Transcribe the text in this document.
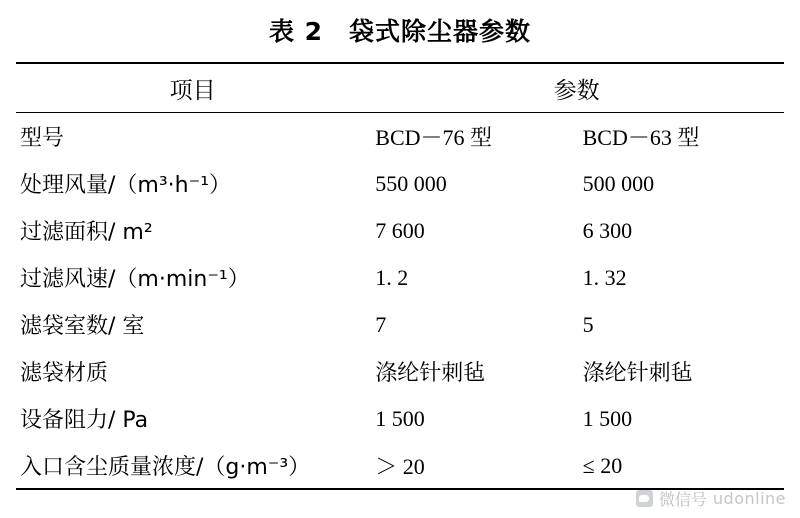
表 2　袋式除尘器参数
项目	参数	
型号	BCD－76 型	BCD－63 型
处理风量/（m³·h⁻¹）	550 000	500 000
过滤面积/ m²	7 600	6 300
过滤风速/（m·min⁻¹）	1. 2	1. 32
滤袋室数/ 室	7	5
滤袋材质	涤纶针刺毡	涤纶针刺毡
设备阻力/ Pa	1 500	1 500
入口含尘质量浓度/（g·m⁻³）	＞ 20	≤ 20
微信号 udonline
